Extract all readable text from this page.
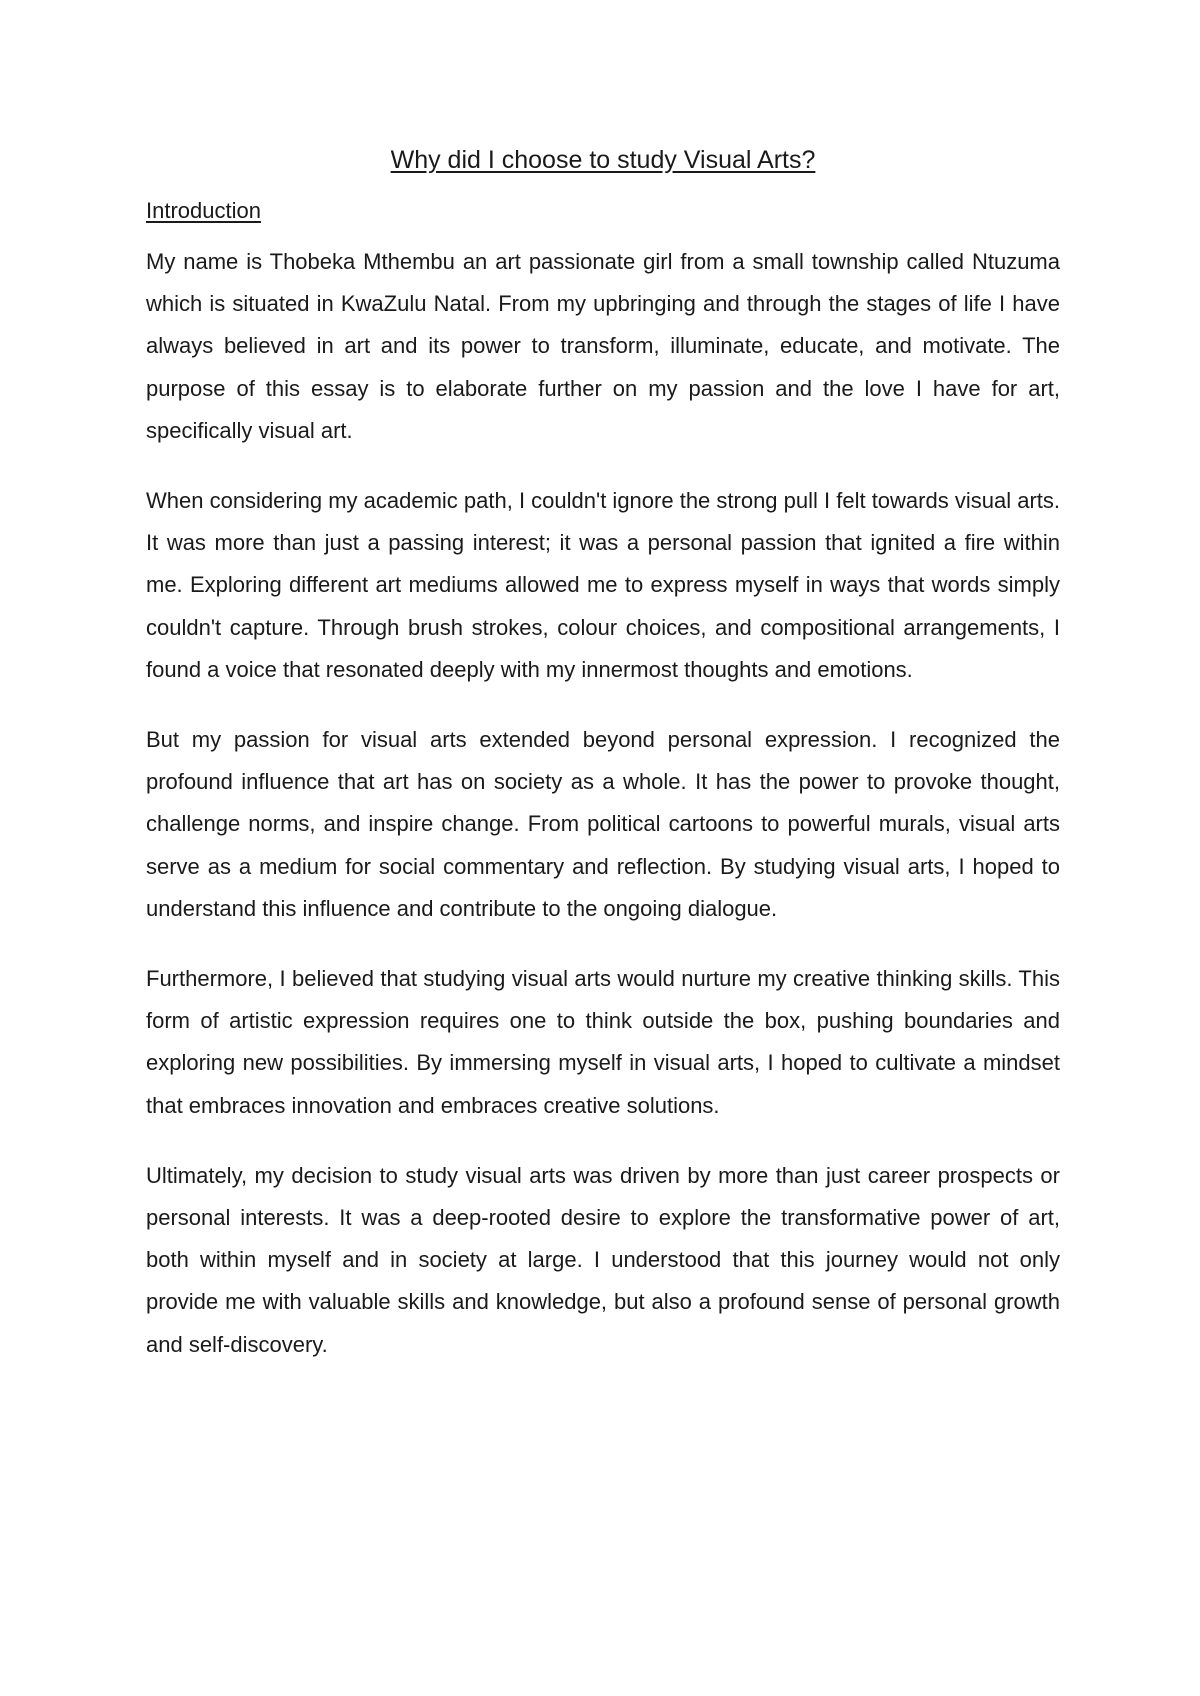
Why did I choose to study Visual Arts?
Introduction

My name is Thobeka Mthembu an art passionate girl from a small township called Ntuzuma which is situated in KwaZulu Natal. From my upbringing and through the stages of life I have always believed in art and its power to transform, illuminate, educate, and motivate. The purpose of this essay is to elaborate further on my passion and the love I have for art, specifically visual art.

When considering my academic path, I couldn't ignore the strong pull I felt towards visual arts. It was more than just a passing interest; it was a personal passion that ignited a fire within me. Exploring different art mediums allowed me to express myself in ways that words simply couldn't capture. Through brush strokes, colour choices, and compositional arrangements, I found a voice that resonated deeply with my innermost thoughts and emotions.

But my passion for visual arts extended beyond personal expression. I recognized the profound influence that art has on society as a whole. It has the power to provoke thought, challenge norms, and inspire change. From political cartoons to powerful murals, visual arts serve as a medium for social commentary and reflection. By studying visual arts, I hoped to understand this influence and contribute to the ongoing dialogue.

Furthermore, I believed that studying visual arts would nurture my creative thinking skills. This form of artistic expression requires one to think outside the box, pushing boundaries and exploring new possibilities. By immersing myself in visual arts, I hoped to cultivate a mindset that embraces innovation and embraces creative solutions.

Ultimately, my decision to study visual arts was driven by more than just career prospects or personal interests. It was a deep-rooted desire to explore the transformative power of art, both within myself and in society at large. I understood that this journey would not only provide me with valuable skills and knowledge, but also a profound sense of personal growth and self-discovery.
